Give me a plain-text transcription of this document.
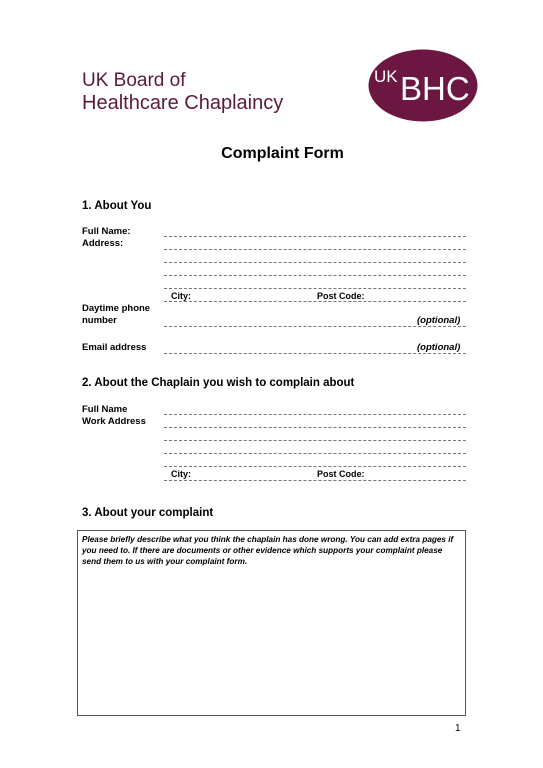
UK Board of
Healthcare Chaplaincy
UK BHC
Complaint Form
1. About You
Full Name:
Address:
City:	Post Code:
Daytime phone
number	(optional)
Email address	(optional)
2. About the Chaplain you wish to complain about
Full Name
Work Address
City:	Post Code:
3. About your complaint
Please briefly describe what you think the chaplain has done wrong. You can add extra pages if you need to. If there are documents or other evidence which supports your complaint please send them to us with your complaint form.
1
